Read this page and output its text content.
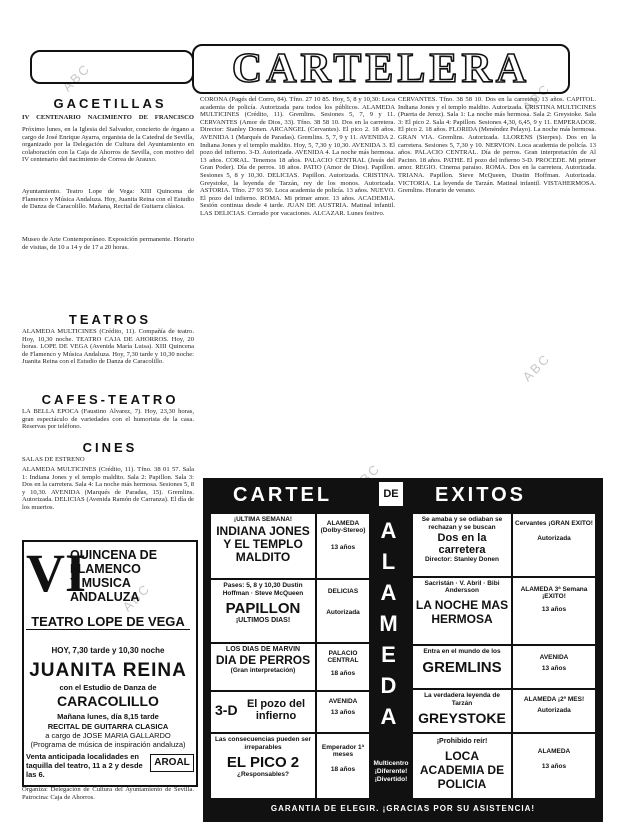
ABC
ABC
ABC
ABC
CARTELERA
GACETILLAS
IV CENTENARIO NACIMIENTO DE FRANCISCO
Próximo lunes, en la Iglesia del Salvador, concierto de órgano a cargo de José Enrique Ayarra, organista de la Catedral de Sevilla, organizado por la Delegación de Cultura del Ayuntamiento en colaboración con la Caja de Ahorros de Sevilla, con motivo del IV centenario del nacimiento de Correa de Arauxo.
Ayuntamiento. Teatro Lope de Vega: XIII Quincena de Flamenco y Música Andaluza. Hoy, Juanita Reina con el Estudio de Danza de Caracolillo. Mañana, Recital de Guitarra clásica.
Museo de Arte Contemporáneo. Exposición permanente. Horario de visitas, de 10 a 14 y de 17 a 20 horas.
TEATROS
ALAMEDA MULTICINES (Crédito, 11). Compañía de teatro. Hoy, 10,30 noche. TEATRO CAJA DE AHORROS. Hoy, 20 horas. LOPE DE VEGA (Avenida María Luisa). XIII Quincena de Flamenco y Música Andaluza. Hoy, 7,30 tarde y 10,30 noche: Juanita Reina con el Estudio de Danza de Caracolillo.
CAFES-TEATRO
LA BELLA EPOCA (Faustino Álvarez, 7). Hoy, 23,30 horas, gran espectáculo de variedades con el humorista de la casa. Reservas por teléfono.
CINES
SALAS DE ESTRENO
ALAMEDA MULTICINES (Crédito, 11). Tfno. 38 01 57. Sala 1: Indiana Jones y el templo maldito. Sala 2: Papillon. Sala 3: Dos en la carretera. Sala 4: La noche más hermosa. Sesiones 5, 8 y 10,30. AVENIDA (Marqués de Paradas, 15). Gremlins. Autorizada. DELICIAS (Avenida Ramón de Carranza). El día de los muertos.
VI
QUINCENA DE FLAMENCO
Y MUSICA ANDALUZA
TEATRO LOPE DE VEGA
HOY, 7,30 tarde y 10,30 noche
JUANITA REINA
con el Estudio de Danza de
CARACOLILLO
Mañana lunes, día 8,15 tarde
RECITAL DE GUITARRA CLASICA
a cargo de JOSE MARIA GALLARDO
(Programa de música de inspiración andaluza)
Venta anticipada localidades en taquilla del teatro, 11 a 2 y desde las 6.
AROAL
Organiza: Delegación de Cultura del Ayuntamiento de Sevilla. Patrocina: Caja de Ahorros.
CORONA (Pagés del Corro, 84). Tfno. 27 10 85. Hoy, 5, 8 y 10,30: Loca academia de policía. Autorizada para todos los públicos. ALAMEDA MULTICINES (Crédito, 11). Gremlins. Sesiones 5, 7, 9 y 11. CERVANTES (Amor de Dios, 33). Tfno. 38 58 10. Dos en la carretera. Director: Stanley Donen. ARCANGEL (Cervantes). El pico 2. 18 años. AVENIDA 1 (Marqués de Paradas). Gremlins. 5, 7, 9 y 11. AVENIDA 2. Indiana Jones y el templo maldito. Hoy, 5, 7,30 y 10,30. AVENIDA 3. El pozo del infierno. 3-D. Autorizada. AVENIDA 4. La noche más hermosa. 13 años. CORAL. Tenemos 18 años. PALACIO CENTRAL (Jesús del Gran Poder). Día de perros. 18 años. PATIO (Amor de Dios). Papillon. Sesiones 5, 8 y 10,30. DELICIAS. Papillon. Autorizada. CRISTINA. Greystoke, la leyenda de Tarzán, rey de los monos. Autorizada. ASTORIA. Tfno. 27 93 50. Loca academia de policía. 13 años. NUEVO. El pozo del infierno. ROMA. Mi primer amor. 13 años. ACADEMIA. Sesión continua desde 4 tarde. JUAN DE AUSTRIA. Matinal infantil. LAS DELICIAS. Cerrado por vacaciones. ALCAZAR. Lunes festivo.
CERVANTES. Tfno. 38 58 10. Dos en la carretera. 13 años. CAPITOL. Indiana Jones y el templo maldito. Autorizada. CRISTINA MULTICINES (Puerta de Jerez). Sala 1: La noche más hermosa. Sala 2: Greystoke. Sala 3: El pico 2. Sala 4: Papillon. Sesiones 4,30, 6,45, 9 y 11. EMPERADOR. El pico 2. 18 años. FLORIDA (Menéndez Pelayo). La noche más hermosa. GRAN VIA. Gremlins. Autorizada. LLORENS (Sierpes). Dos en la carretera. Sesiones 5, 7,30 y 10. NERVION. Loca academia de policía. 13 años. PALACIO CENTRAL. Día de perros. Gran interpretación de Al Pacino. 18 años. PATHE. El pozo del infierno 3-D. PROCEDE. Mi primer amor. REGIO. Cinema paraíso. ROMA. Dos en la carretera. Autorizada. TRIANA. Papillon. Steve McQueen, Dustin Hoffman. Autorizada. VICTORIA. La leyenda de Tarzán. Matinal infantil. VISTAHERMOSA. Gremlins. Horario de verano.
CARTEL	DE EXITOS
¡ULTIMA SEMANA!
INDIANA JONES Y EL TEMPLO MALDITO
ALAMEDA (Dolby-Stereo)
13 años
Pases: 5, 8 y 10,30 Dustin Hoffman · Steve McQueen
PAPILLON
¡ULTIMOS DIAS!
DELICIAS
Autorizada
LOS DIAS DE MARVIN
DIA DE PERROS
(Gran interpretación)
PALACIO CENTRAL
18 años
3-D El pozo del infierno
AVENIDA
13 años
Las consecuencias pueden ser irreparables
EL PICO 2
¿Responsables?
Emperador 1ª meses
18 años
ALAMEDA
Multicentro ¡Diferente! ¡Divertido!
Se amaba y se odiaban se rechazan y se buscan
Dos en la carretera
Director: Stanley Donen
Cervantes ¡GRAN EXITO!
Autorizada
Sacristán · V. Abril · Bibi Andersson
LA NOCHE MAS HERMOSA
ALAMEDA 3ª Semana ¡EXITO!
13 años
Entra en el mundo de los
GREMLINS
AVENIDA
13 años
La verdadera leyenda de Tarzán
GREYSTOKE
ALAMEDA ¡2º MES!
Autorizada
¡Prohibido reír!
LOCA ACADEMIA DE POLICIA
ALAMEDA
13 años
GARANTIA DE ELEGIR. ¡GRACIAS POR SU ASISTENCIA!
